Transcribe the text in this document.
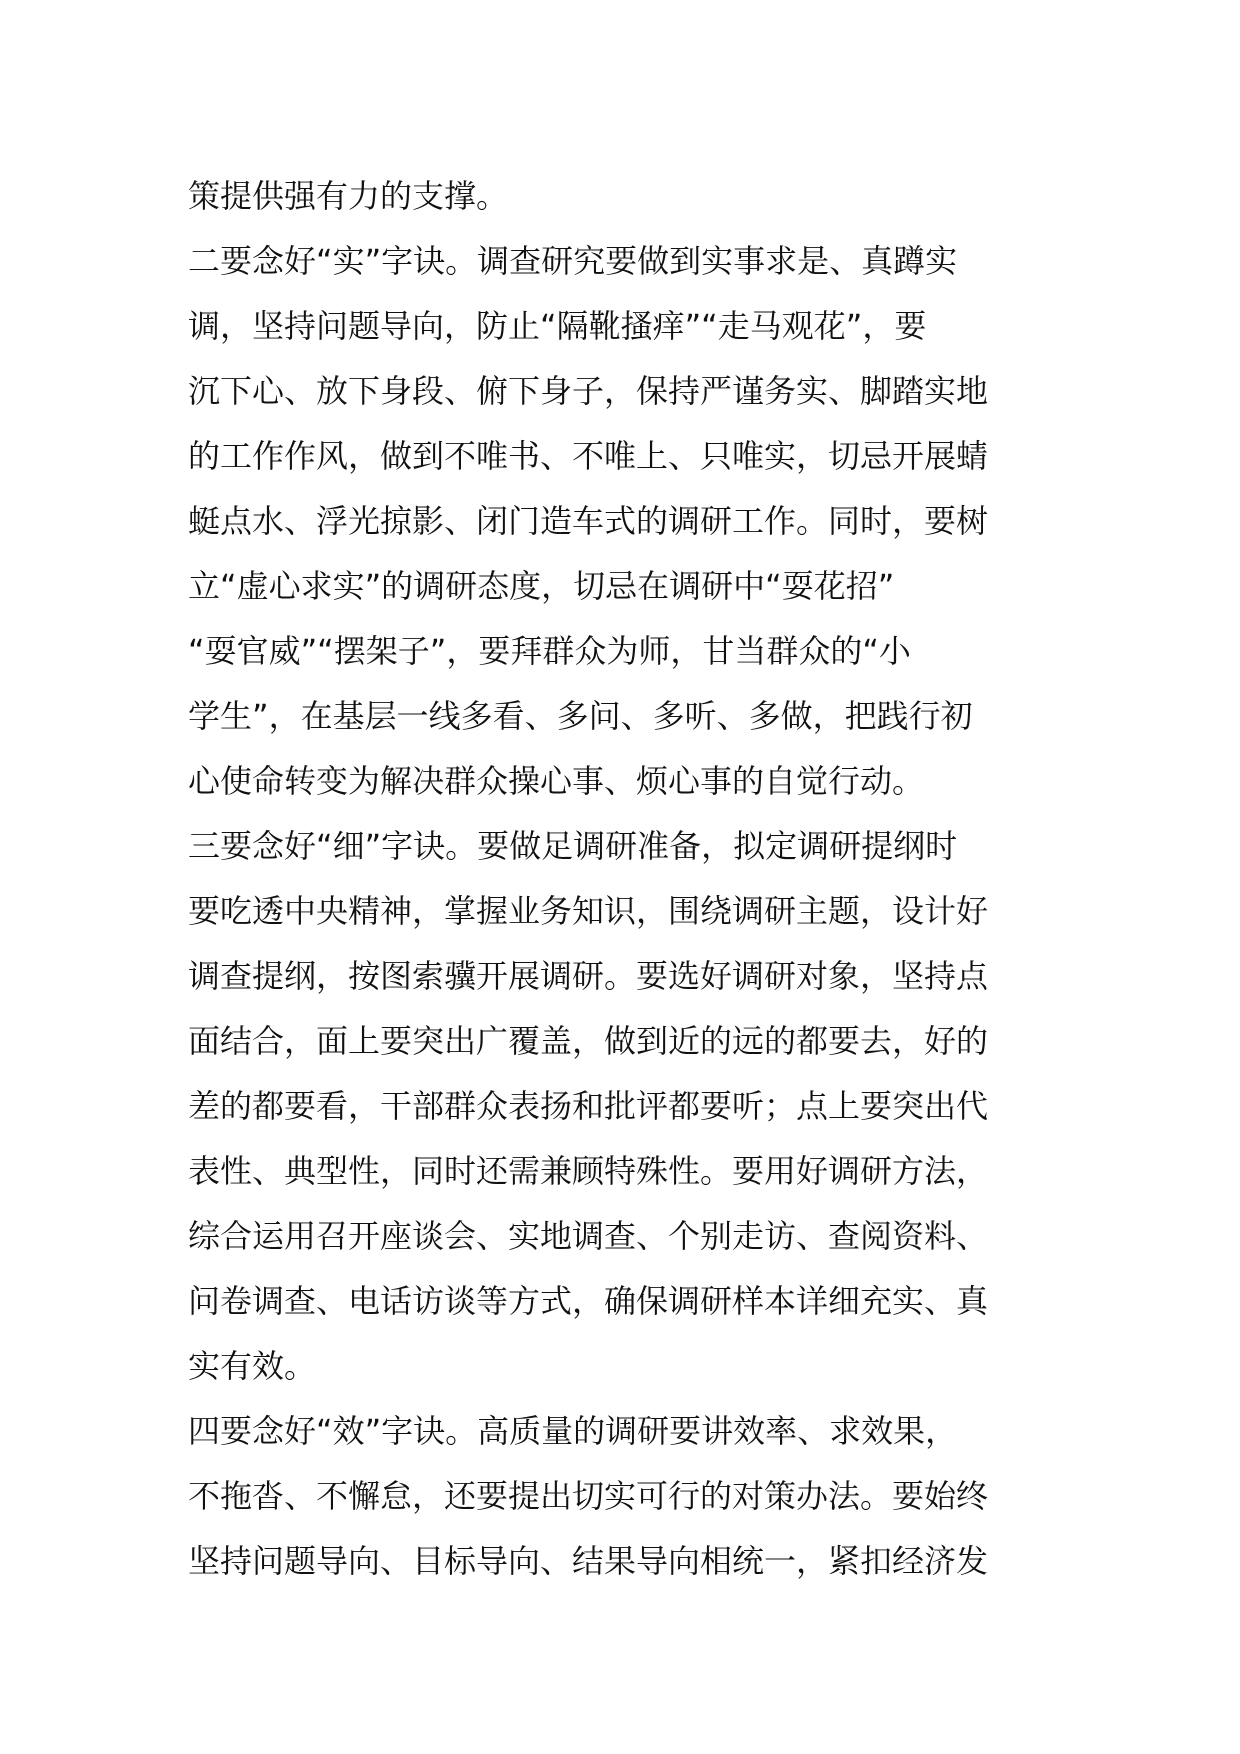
策提供强有力的支撑。
二要念好“实”字诀。调查研究要做到实事求是、真蹲实
调，坚持问题导向，防止“隔靴搔痒”“走马观花”，要
沉下心、放下身段、俯下身子，保持严谨务实、脚踏实地
的工作作风，做到不唯书、不唯上、只唯实，切忌开展蜻
蜓点水、浮光掠影、闭门造车式的调研工作。同时，要树
立“虚心求实”的调研态度，切忌在调研中“耍花招”
“耍官威”“摆架子”，要拜群众为师，甘当群众的“小
学生”，在基层一线多看、多问、多听、多做，把践行初
心使命转变为解决群众操心事、烦心事的自觉行动。
三要念好“细”字诀。要做足调研准备，拟定调研提纲时
要吃透中央精神，掌握业务知识，围绕调研主题，设计好
调查提纲，按图索骥开展调研。要选好调研对象，坚持点
面结合，面上要突出广覆盖，做到近的远的都要去，好的
差的都要看，干部群众表扬和批评都要听；点上要突出代
表性、典型性，同时还需兼顾特殊性。要用好调研方法，
综合运用召开座谈会、实地调查、个别走访、查阅资料、
问卷调查、电话访谈等方式，确保调研样本详细充实、真
实有效。
四要念好“效”字诀。高质量的调研要讲效率、求效果，
不拖沓、不懈怠，还要提出切实可行的对策办法。要始终
坚持问题导向、目标导向、结果导向相统一，紧扣经济发
